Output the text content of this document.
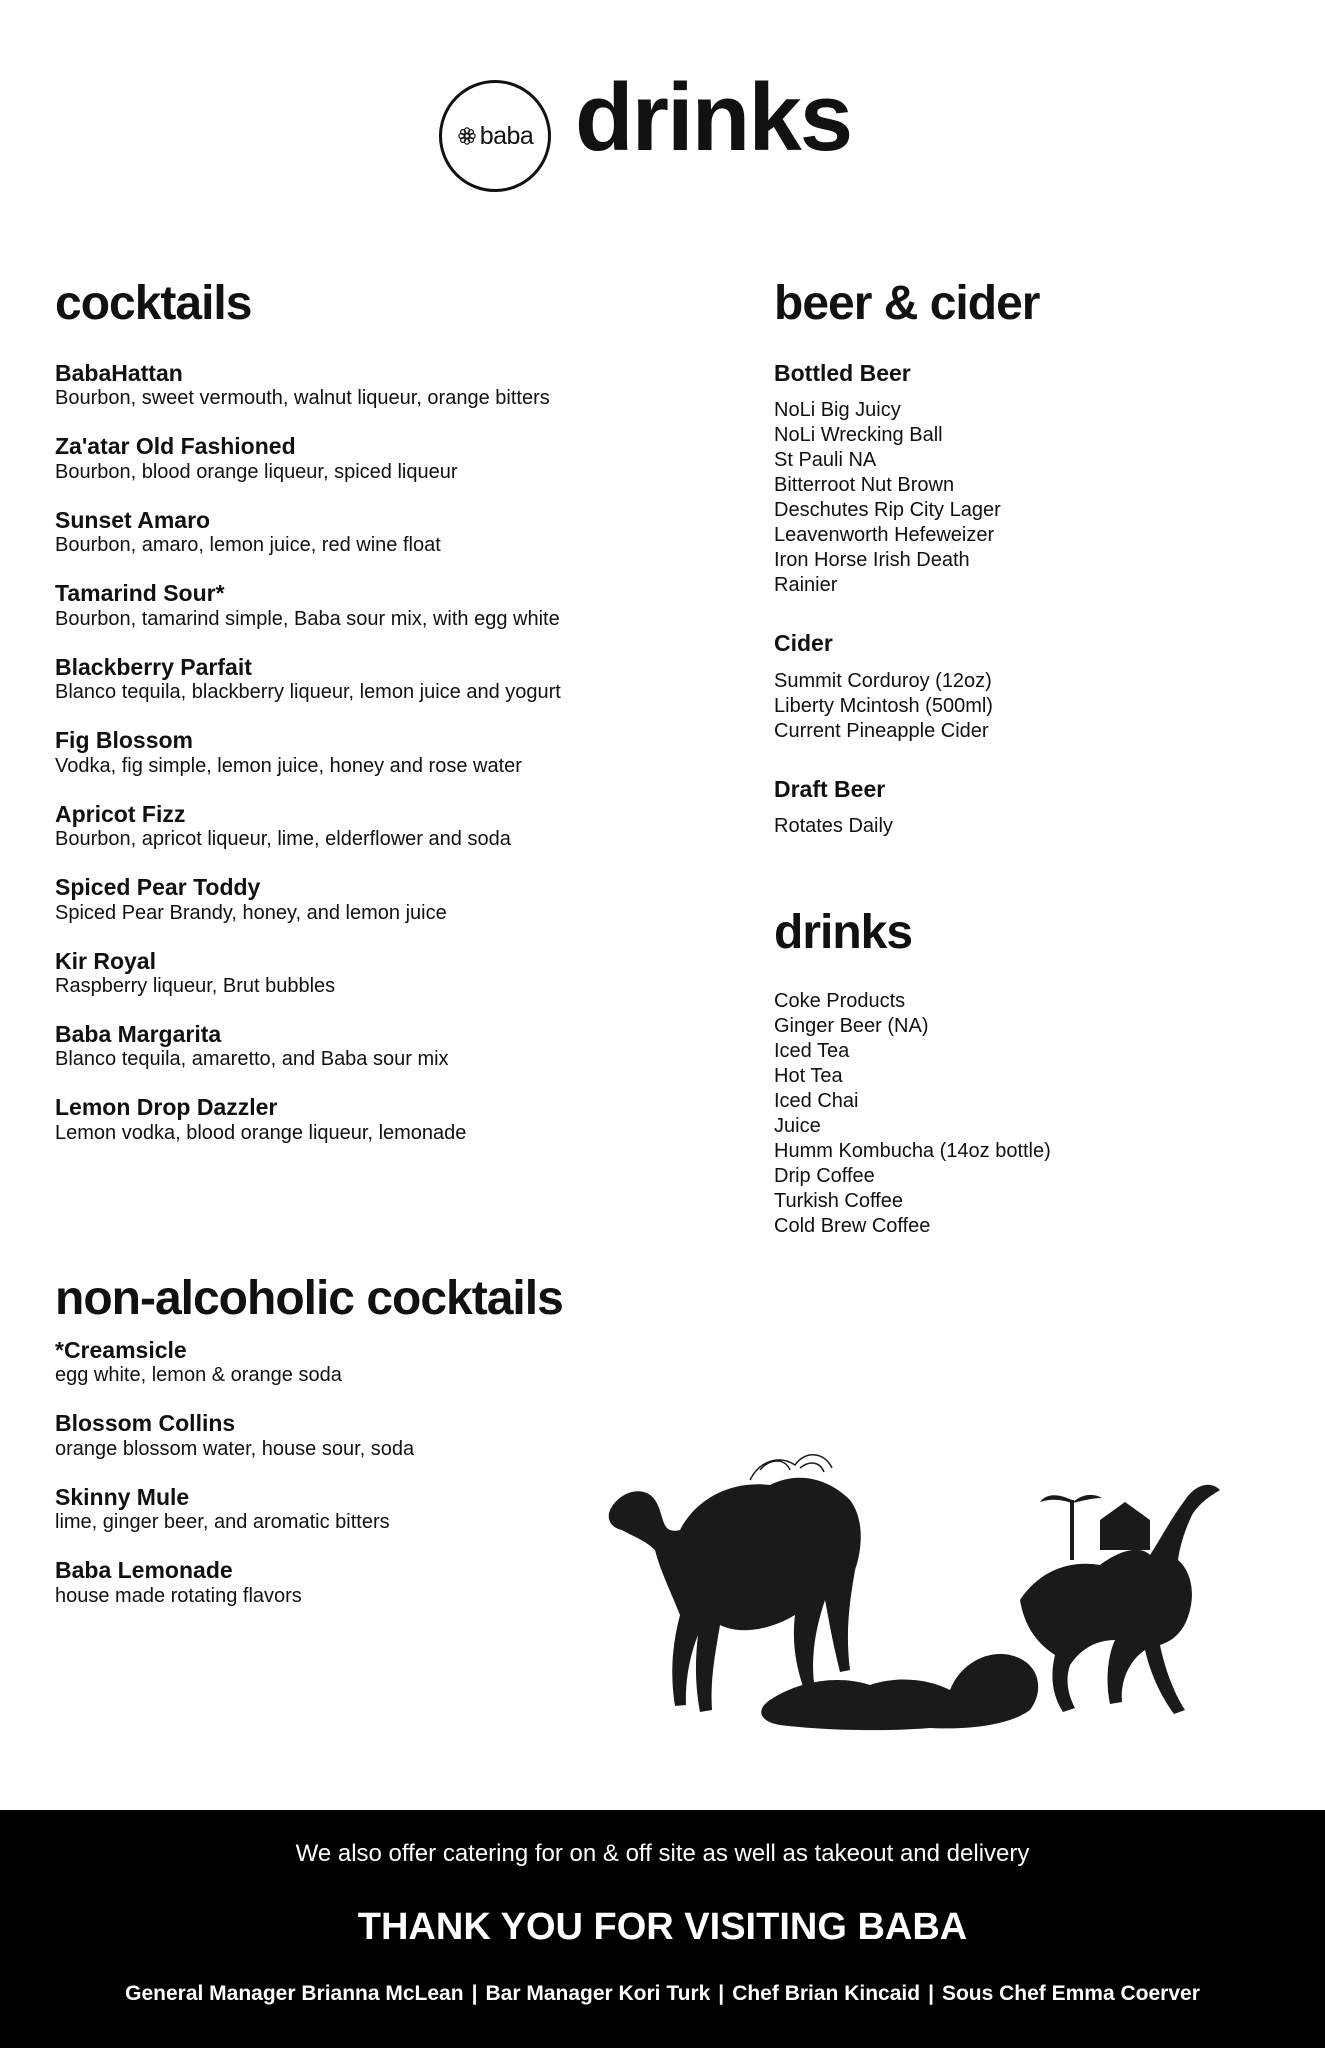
baba drinks
cocktails
BabaHattan
Bourbon, sweet vermouth, walnut liqueur, orange bitters
Za'atar Old Fashioned
Bourbon, blood orange liqueur, spiced liqueur
Sunset Amaro
Bourbon, amaro, lemon juice, red wine float
Tamarind Sour*
Bourbon, tamarind simple, Baba sour mix, with egg white
Blackberry Parfait
Blanco tequila, blackberry liqueur, lemon juice and yogurt
Fig Blossom
Vodka, fig simple, lemon juice, honey and rose water
Apricot Fizz
Bourbon, apricot liqueur, lime, elderflower and soda
Spiced Pear Toddy
Spiced Pear Brandy, honey, and lemon juice
Kir Royal
Raspberry liqueur, Brut bubbles
Baba Margarita
Blanco tequila, amaretto, and Baba sour mix
Lemon Drop Dazzler
Lemon vodka, blood orange liqueur, lemonade
non-alcoholic cocktails
*Creamsicle
egg white, lemon & orange soda
Blossom Collins
orange blossom water, house sour, soda
Skinny Mule
lime, ginger beer, and aromatic bitters
Baba Lemonade
house made rotating flavors
beer & cider
Bottled Beer
NoLi Big Juicy
NoLi Wrecking Ball
St Pauli NA
Bitterroot Nut Brown
Deschutes Rip City Lager
Leavenworth Hefeweizer
Iron Horse Irish Death
Rainier
Cider
Summit Corduroy (12oz)
Liberty Mcintosh (500ml)
Current Pineapple Cider
Draft Beer
Rotates Daily
drinks
Coke Products
Ginger Beer (NA)
Iced Tea
Hot Tea
Iced Chai
Juice
Humm Kombucha (14oz bottle)
Drip Coffee
Turkish Coffee
Cold Brew Coffee
We also offer catering for on & off site as well as takeout and delivery
THANK YOU FOR VISITING BABA
General Manager Brianna McLean | Bar Manager Kori Turk | Chef Brian Kincaid | Sous Chef Emma Coerver
